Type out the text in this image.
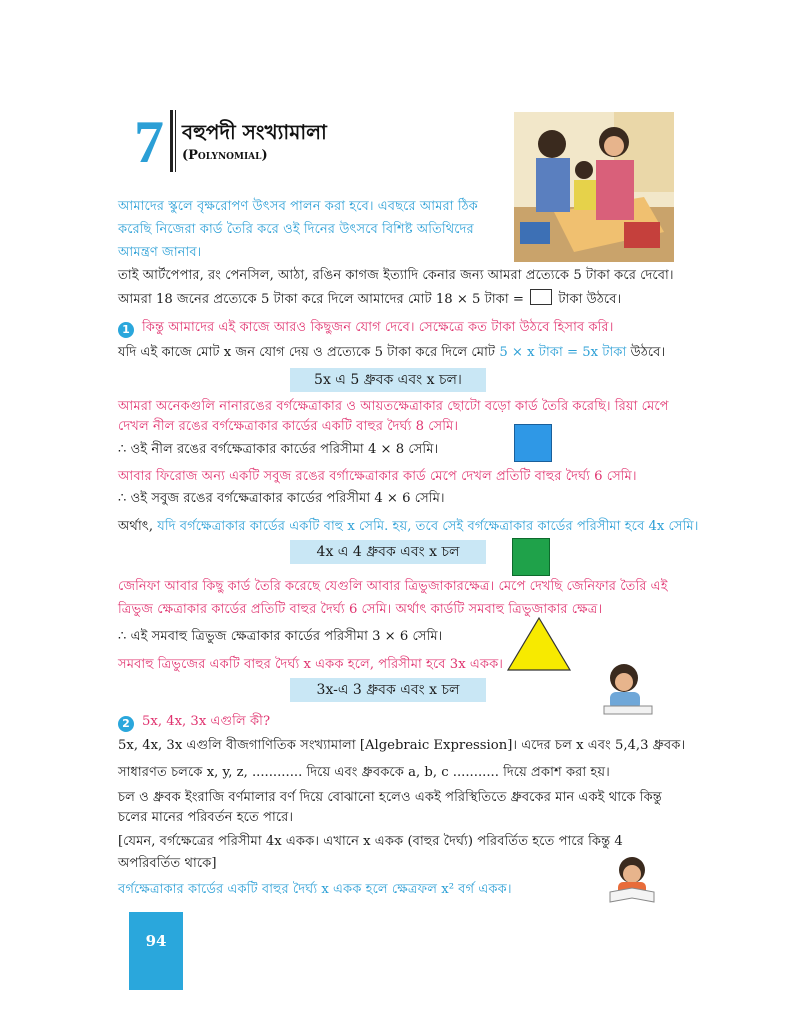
7 বহুপদী সংখ্যামালা
(Polynomial)
আমাদের স্কুলে বৃক্ষরোপণ উৎসব পালন করা হবে। এবছরে আমরা ঠিক
করেছি নিজেরা কার্ড তৈরি করে ওই দিনের উৎসবে বিশিষ্ট অতিথিদের
আমন্ত্রণ জানাব।
তাই আর্টপেপার, রং পেনসিল, আঠা, রঙিন কাগজ ইত্যাদি কেনার জন্য আমরা প্রত্যেকে 5 টাকা করে দেবো।
আমরা 18 জনের প্রত্যেকে 5 টাকা করে দিলে আমাদের মোট 18 × 5 টাকা =	টাকা উঠবে।
1 কিন্তু আমাদের এই কাজে আরও কিছুজন যোগ দেবে। সেক্ষেত্রে কত টাকা উঠবে হিসাব করি।
যদি এই কাজে মোট x জন যোগ দেয় ও প্রত্যেকে 5 টাকা করে দিলে মোট 5 × x টাকা = 5x টাকা উঠবে।
5x এ 5 ধ্রুবক এবং x চল।
আমরা অনেকগুলি নানারঙের বর্গক্ষেত্রাকার ও আয়তক্ষেত্রাকার ছোটো বড়ো কার্ড তৈরি করেছি। রিয়া মেপে
দেখল নীল রঙের বর্গক্ষেত্রাকার কার্ডের একটি বাহুর দৈর্ঘ্য 8 সেমি।
∴ ওই নীল রঙের বর্গক্ষেত্রাকার কার্ডের পরিসীমা 4 × 8 সেমি।
আবার ফিরোজ অন্য একটি সবুজ রঙের বর্গাক্ষেত্রাকার কার্ড মেপে দেখল প্রতিটি বাহুর দৈর্ঘ্য 6 সেমি।
∴ ওই সবুজ রঙের বর্গক্ষেত্রাকার কার্ডের পরিসীমা 4 × 6 সেমি।
অর্থাৎ, যদি বর্গক্ষেত্রাকার কার্ডের একটি বাহু x সেমি. হয়, তবে সেই বর্গক্ষেত্রাকার কার্ডের পরিসীমা হবে 4x সেমি।
4x এ 4 ধ্রুবক এবং x চল
জেনিফা আবার কিছু কার্ড তৈরি করেছে যেগুলি আবার ত্রিভুজাকারক্ষেত্র। মেপে দেখছি জেনিফার তৈরি এই
ত্রিভুজ ক্ষেত্রাকার কার্ডের প্রতিটি বাহুর দৈর্ঘ্য 6 সেমি। অর্থাৎ কার্ডটি সমবাহু ত্রিভুজাকার ক্ষেত্র।
∴ এই সমবাহু ত্রিভুজ ক্ষেত্রাকার কার্ডের পরিসীমা 3 × 6 সেমি।
সমবাহু ত্রিভুজের একটি বাহুর দৈর্ঘ্য x একক হলে, পরিসীমা হবে 3x একক।
3x-এ 3 ধ্রুবক এবং x চল
2 5x, 4x, 3x এগুলি কী?
5x, 4x, 3x এগুলি বীজগাণিতিক সংখ্যামালা [Algebraic Expression]। এদের চল x এবং 5,4,3 ধ্রুবক।
সাধারণত চলকে x, y, z, ............ দিয়ে এবং ধ্রুবককে a, b, c ........... দিয়ে প্রকাশ করা হয়।
চল ও ধ্রুবক ইংরাজি বর্ণমালার বর্ণ দিয়ে বোঝানো হলেও একই পরিস্থিতিতে ধ্রুবকের মান একই থাকে কিন্তু
চলের মানের পরিবর্তন হতে পারে।
[যেমন, বর্গক্ষেত্রের পরিসীমা 4x একক। এখানে x একক (বাহুর দৈর্ঘ্য) পরিবর্তিত হতে পারে কিন্তু 4
অপরিবর্তিত থাকে]
বর্গক্ষেত্রাকার কার্ডের একটি বাহুর দৈর্ঘ্য x একক হলে ক্ষেত্রফল x² বর্গ একক।
94
